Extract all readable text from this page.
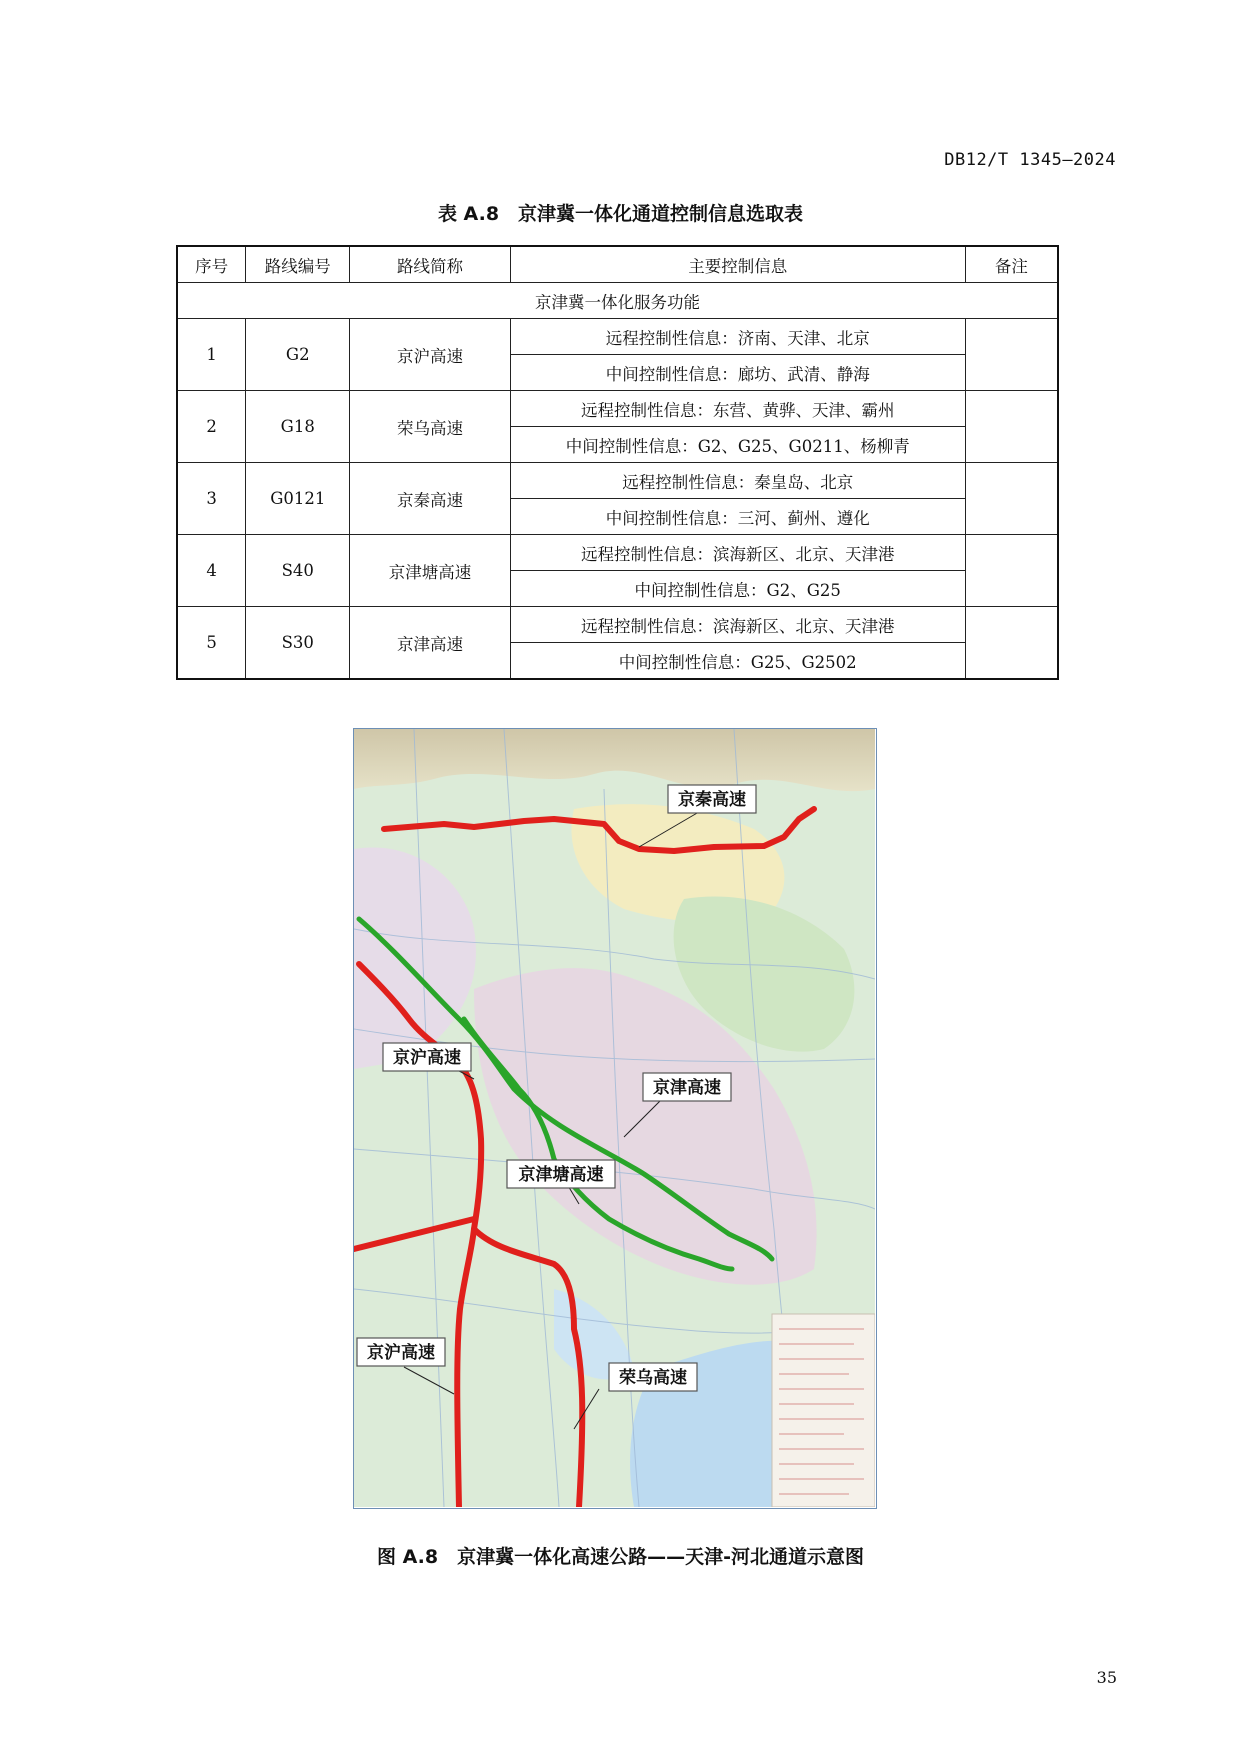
DB12/T 1345—2024
表 A.8　京津冀一体化通道控制信息选取表
序号	路线编号	路线简称	主要控制信息	备注
京津冀一体化服务功能				
1	G2	京沪高速	远程控制性信息：济南、天津、北京	
			中间控制性信息：廊坊、武清、静海	
2	G18	荣乌高速	远程控制性信息：东营、黄骅、天津、霸州	
			中间控制性信息：G2、G25、G0211、杨柳青	
3	G0121	京秦高速	远程控制性信息：秦皇岛、北京	
			中间控制性信息：三河、蓟州、遵化	
4	S40	京津塘高速	远程控制性信息：滨海新区、北京、天津港	
			中间控制性信息：G2、G25	
5	S30	京津高速	远程控制性信息：滨海新区、北京、天津港	
			中间控制性信息：G25、G2502	
京秦高速
京津高速
京沪高速
京津塘高速
京沪高速
荣乌高速
图 A.8　京津冀一体化高速公路——天津-河北通道示意图
35
